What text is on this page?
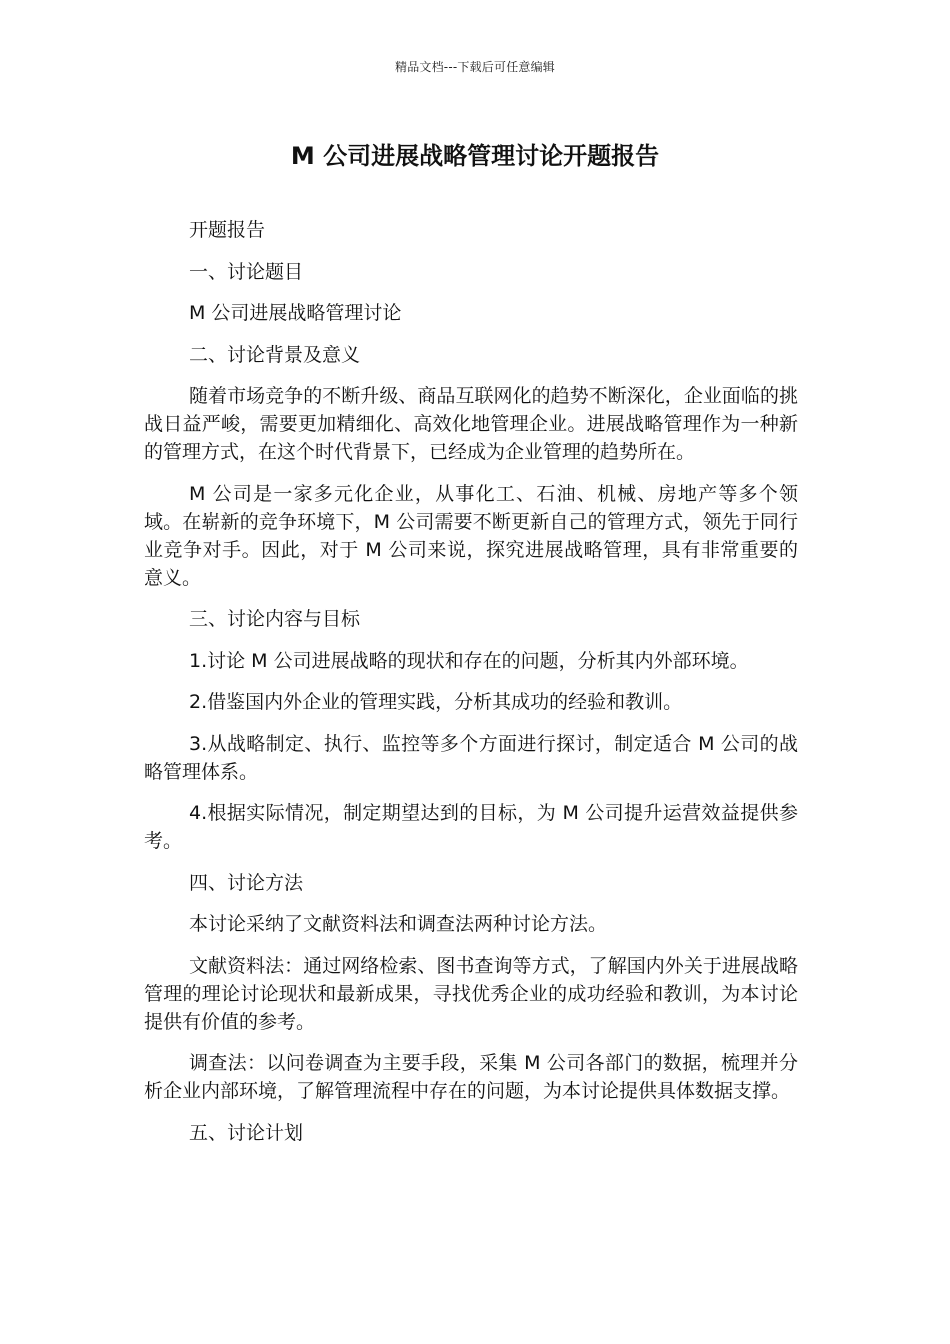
精品文档---下载后可任意编辑
M 公司进展战略管理讨论开题报告

开题报告

一、讨论题目

M 公司进展战略管理讨论

二、讨论背景及意义

随着市场竞争的不断升级、商品互联网化的趋势不断深化，企业面临的挑战日益严峻，需要更加精细化、高效化地管理企业。进展战略管理作为一种新的管理方式，在这个时代背景下，已经成为企业管理的趋势所在。

M 公司是一家多元化企业，从事化工、石油、机械、房地产等多个领域。在崭新的竞争环境下，M 公司需要不断更新自己的管理方式，领先于同行业竞争对手。因此，对于 M 公司来说，探究进展战略管理，具有非常重要的意义。

三、讨论内容与目标

1.讨论 M 公司进展战略的现状和存在的问题，分析其内外部环境。

2.借鉴国内外企业的管理实践，分析其成功的经验和教训。

3.从战略制定、执行、监控等多个方面进行探讨，制定适合 M 公司的战略管理体系。

4.根据实际情况，制定期望达到的目标，为 M 公司提升运营效益提供参考。

四、讨论方法

本讨论采纳了文献资料法和调查法两种讨论方法。

文献资料法：通过网络检索、图书查询等方式，了解国内外关于进展战略管理的理论讨论现状和最新成果，寻找优秀企业的成功经验和教训，为本讨论提供有价值的参考。

调查法：以问卷调查为主要手段，采集 M 公司各部门的数据，梳理并分析企业内部环境，了解管理流程中存在的问题，为本讨论提供具体数据支撑。

五、讨论计划
